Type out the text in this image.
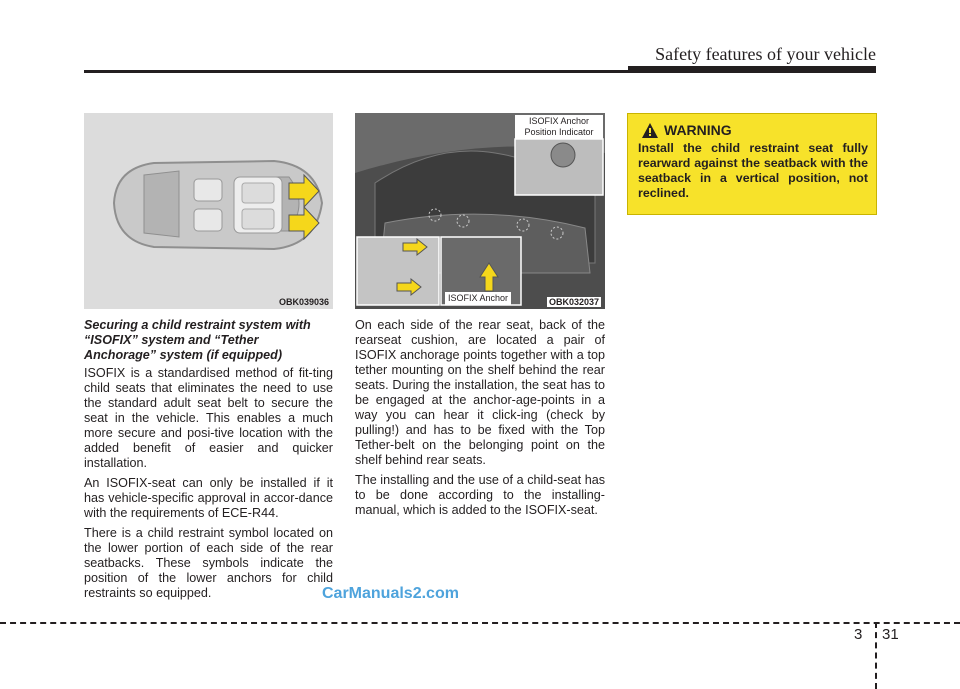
Safety features of your vehicle
OBK039036
ISOFIX Anchor Position Indicator
ISOFIX Anchor	OBK032037
Securing a child restraint system with “ISOFIX” system and “Tether Anchorage” system (if equipped)

ISOFIX is a standardised method of fit-ting child seats that eliminates the need to use the standard adult seat belt to secure the seat in the vehicle. This enables a much more secure and posi-tive location with the added benefit of easier and quicker installation.

An ISOFIX-seat can only be installed if it has vehicle-specific approval in accor-dance with the requirements of ECE-R44.

There is a child restraint symbol located on the lower portion of each side of the rear seatbacks. These symbols indicate the position of the lower anchors for child restraints so equipped.

On each side of the rear seat, back of the rearseat cushion, are located a pair of ISOFIX anchorage points together with a top tether mounting on the shelf behind the rear seats. During the installation, the seat has to be engaged at the anchor-age-points in a way you can hear it click-ing (check by pulling!) and has to be fixed with the Top Tether-belt on the belonging point on the shelf behind rear seats.

The installing and the use of a child-seat has to be done according to the installing-manual, which is added to the ISOFIX-seat.

WARNING
Install the child restraint seat fully rearward against the seatback with the seatback in a vertical position, not reclined.
CarManuals2.com
3 31
